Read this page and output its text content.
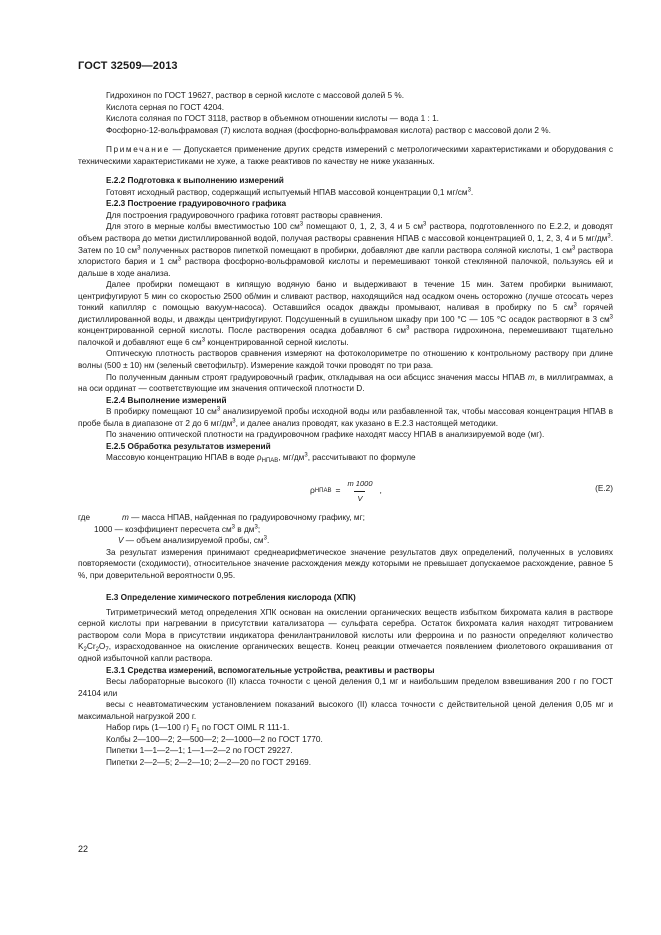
ГОСТ 32509—2013

Гидрохинон по ГОСТ 19627, раствор в серной кислоте с массовой долей 5 %.

Кислота серная по ГОСТ 4204.

Кислота соляная по ГОСТ 3118, раствор в объемном отношении кислоты — вода 1 : 1.

Фосфорно-12-вольфрамовая (7) кислота водная (фосфорно-вольфрамовая кислота) раствор с массовой доли 2 %.

Примечание — Допускается применение других средств измерений с метрологическими характеристиками и оборудования с техническими характеристиками не хуже, а также реактивов по качеству не ниже указанных.

Е.2.2 Подготовка к выполнению измерений

Готовят исходный раствор, содержащий испытуемый НПАВ массовой концентрации 0,1 $мг/см^3$.

Е.2.3 Построение градуировочного графика

Для построения градуировочного графика готовят растворы сравнения.

Для этого в мерные колбы вместимостью 100 $см^3$ помещают 0, 1, 2, 3, 4 и 5 $см^3$ раствора, подготовленного по Е.2.2, и доводят объем раствора до метки дистиллированной водой, получая растворы сравнения НПАВ с массовой концентрацией 0, 1, 2, 3, 4 и 5 $мг/дм^3$. Затем по 10 $см^3$ полученных растворов пипеткой помещают в пробирки, добавляют две капли раствора соляной кислоты, 1 $см^3$ раствора хлористого бария и 1 $см^3$ раствора фосфорно-вольфрамовой кислоты и перемешивают тонкой стеклянной палочкой, пользуясь ей и дальше в ходе анализа.

Далее пробирки помещают в кипящую водяную баню и выдерживают в течение 15 мин. Затем пробирки вынимают, центрифугируют 5 мин со скоростью 2500 об/мин и сливают раствор, находящийся над осадком очень осторожно (лучше отсосать через тонкий капилляр с помощью вакуум-насоса). Оставшийся осадок дважды промывают, наливая в пробирку по 5 $см^3$ горячей дистиллированной воды, и дважды центрифугируют. Подсушенный в сушильном шкафу при 100 °С — 105 °С осадок растворяют в 3 $см^3$ концентрированной серной кислоты. После растворения осадка добавляют 6 $см^3$ раствора гидрохинона, перемешивают тщательно палочкой и добавляют еще 6 $см^3$ концентрированной серной кислоты.

Оптическую плотность растворов сравнения измеряют на фотоколориметре по отношению к контрольному раствору при длине волны (500 ± 10) нм (зеленый светофильтр). Измерение каждой точки проводят по три раза.

По полученным данным строят градуировочный график, откладывая на оси абсцисс значения массы НПАВ m, в миллиграммах, а на оси ординат — соответствующие им значения оптической плотности D.

Е.2.4 Выполнение измерений

В пробирку помещают 10 $см^3$ анализируемой пробы исходной воды или разбавленной так, чтобы массовая концентрация НПАВ в пробе была в диапазоне от 2 до 6 $мг/дм^3$, и далее анализ проводят, как указано в Е.2.3 настоящей методики.

По значению оптической плотности на градуировочном графике находят массу НПАВ в анализируемой воде (мг).

Е.2.5 Обработка результатов измерений

Массовую концентрацию НПАВ в воде $\rho_{НПАВ}$, $мг/дм^3$, рассчитывают по формуле

ρ НПАВ = $\frac{m 1000}{V}$ ,	(Е.2)
где	m — масса НПАВ, найденная по градуировочному графику, мг;
1000 — коэффициент пересчета $см^3$ в $дм^3$;
V — объем анализируемой пробы, $см^3$.

За результат измерения принимают среднеарифметическое значение результатов двух определений, полученных в условиях повторяемости (сходимости), относительное значение расхождения между которыми не превышает допускаемое расхождение, равное 5 %, при доверительной вероятности 0,95.

Е.3 Определение химического потребления кислорода (ХПК)

Титриметрический метод определения ХПК основан на окислении органических веществ избытком бихромата калия в растворе серной кислоты при нагревании в присутствии катализатора — сульфата серебра. Остаток бихромата калия находят титрованием раствором соли Мора в присутствии индикатора фенилантраниловой кислоты или ферроина и по разности определяют количество $K_2Cr_2O_7$, израсходованное на окисление органических веществ. Конец реакции отмечается появлением фиолетового окрашивания от одной избыточной капли раствора.

Е.3.1 Средства измерений, вспомогательные устройства, реактивы и растворы

Весы лабораторные высокого (II) класса точности с ценой деления 0,1 мг и наибольшим пределом взвешивания 200 г по ГОСТ 24104 или

весы с неавтоматическим установлением показаний высокого (II) класса точности с действительной ценой деления 0,05 мг и максимальной нагрузкой 200 г.

Набор гирь (1—100 г) $F_1$ по ГОСТ OIML R 111-1.

Колбы 2—100—2; 2—500—2; 2—1000—2 по ГОСТ 1770.

Пипетки 1—1—2—1; 1—1—2—2 по ГОСТ 29227.

Пипетки 2—2—5; 2—2—10; 2—2—20 по ГОСТ 29169.

22
